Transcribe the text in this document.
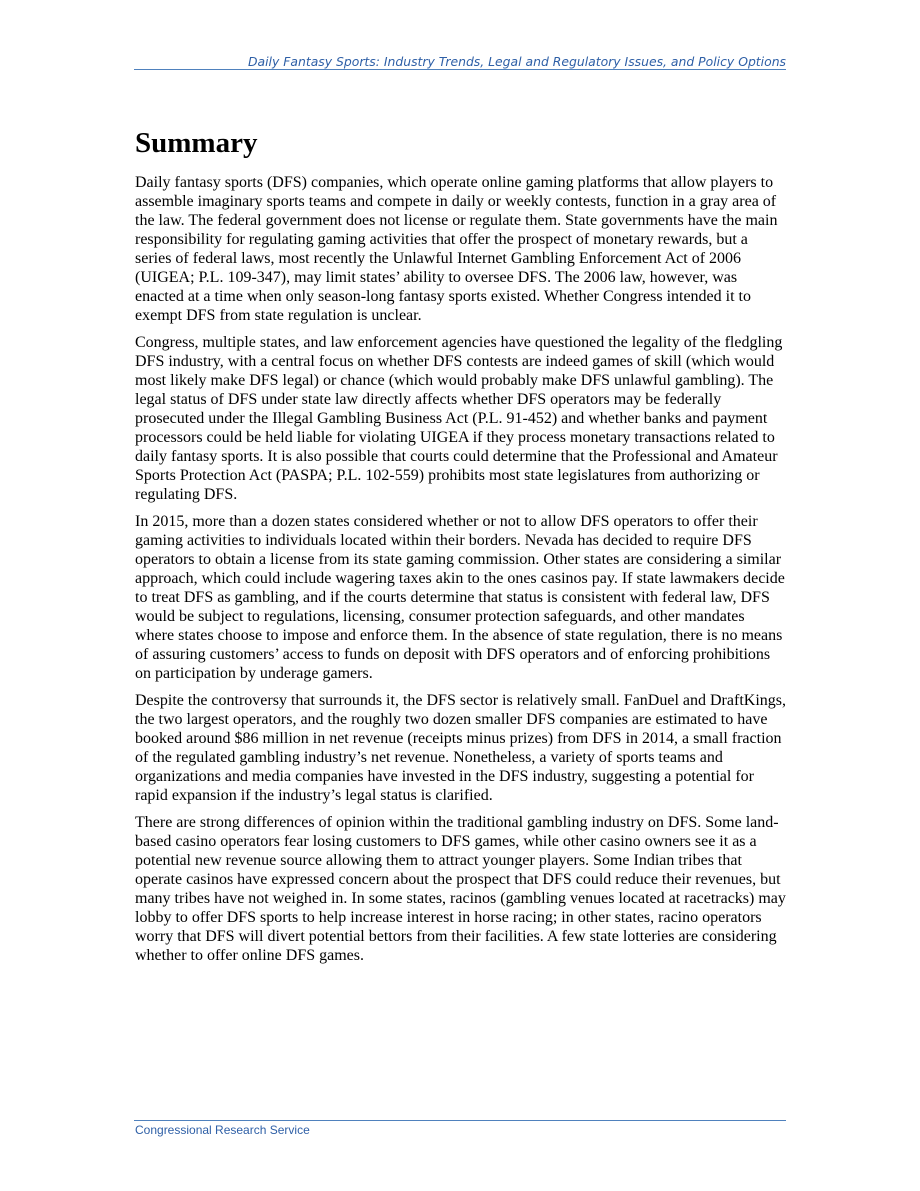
Daily Fantasy Sports: Industry Trends, Legal and Regulatory Issues, and Policy Options
Summary

Daily fantasy sports (DFS) companies, which operate online gaming platforms that allow players to assemble imaginary sports teams and compete in daily or weekly contests, function in a gray area of the law. The federal government does not license or regulate them. State governments have the main responsibility for regulating gaming activities that offer the prospect of monetary rewards, but a series of federal laws, most recently the Unlawful Internet Gambling Enforcement Act of 2006 (UIGEA; P.L. 109-347), may limit states’ ability to oversee DFS. The 2006 law, however, was enacted at a time when only season-long fantasy sports existed. Whether Congress intended it to exempt DFS from state regulation is unclear.

Congress, multiple states, and law enforcement agencies have questioned the legality of the fledgling DFS industry, with a central focus on whether DFS contests are indeed games of skill (which would most likely make DFS legal) or chance (which would probably make DFS unlawful gambling). The legal status of DFS under state law directly affects whether DFS operators may be federally prosecuted under the Illegal Gambling Business Act (P.L. 91-452) and whether banks and payment processors could be held liable for violating UIGEA if they process monetary transactions related to daily fantasy sports. It is also possible that courts could determine that the Professional and Amateur Sports Protection Act (PASPA; P.L. 102-559) prohibits most state legislatures from authorizing or regulating DFS.

In 2015, more than a dozen states considered whether or not to allow DFS operators to offer their gaming activities to individuals located within their borders. Nevada has decided to require DFS operators to obtain a license from its state gaming commission. Other states are considering a similar approach, which could include wagering taxes akin to the ones casinos pay. If state lawmakers decide to treat DFS as gambling, and if the courts determine that status is consistent with federal law, DFS would be subject to regulations, licensing, consumer protection safeguards, and other mandates where states choose to impose and enforce them. In the absence of state regulation, there is no means of assuring customers’ access to funds on deposit with DFS operators and of enforcing prohibitions on participation by underage gamers.

Despite the controversy that surrounds it, the DFS sector is relatively small. FanDuel and DraftKings, the two largest operators, and the roughly two dozen smaller DFS companies are estimated to have booked around $86 million in net revenue (receipts minus prizes) from DFS in 2014, a small fraction of the regulated gambling industry’s net revenue. Nonetheless, a variety of sports teams and organizations and media companies have invested in the DFS industry, suggesting a potential for rapid expansion if the industry’s legal status is clarified.

There are strong differences of opinion within the traditional gambling industry on DFS. Some land-based casino operators fear losing customers to DFS games, while other casino owners see it as a potential new revenue source allowing them to attract younger players. Some Indian tribes that operate casinos have expressed concern about the prospect that DFS could reduce their revenues, but many tribes have not weighed in. In some states, racinos (gambling venues located at racetracks) may lobby to offer DFS sports to help increase interest in horse racing; in other states, racino operators worry that DFS will divert potential bettors from their facilities. A few state lotteries are considering whether to offer online DFS games.

Congressional Research Service
